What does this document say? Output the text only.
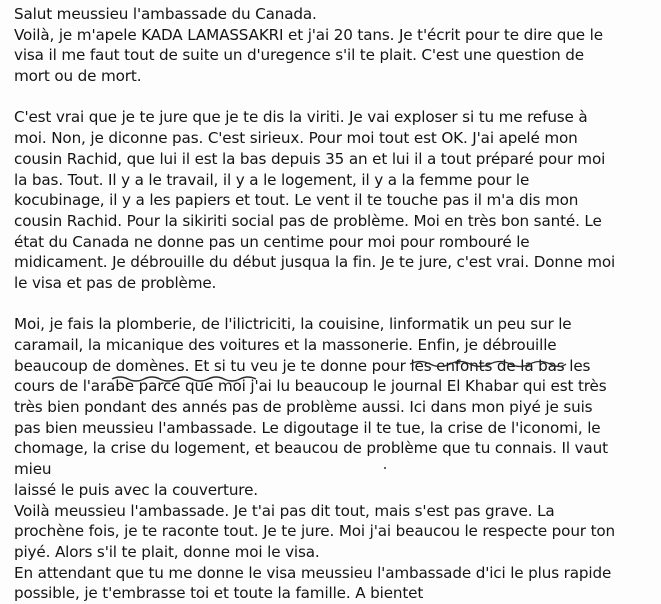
Salut meussieu l'ambassade du Canada.
Voilà, je m'apele KADA LAMASSAKRI et j'ai 20 tans. Je t'écrit pour te dire que le
visa il me faut tout de suite un d'uregence s'il te plait. C'est une question de
mort ou de mort.
C'est vrai que je te jure que je te dis la viriti. Je vai exploser si tu me refuse à
moi. Non, je diconne pas. C'est sirieux. Pour moi tout est OK. J'ai apelé mon
cousin Rachid, que lui il est la bas depuis 35 an et lui il a tout préparé pour moi
la bas. Tout. Il y a le travail, il y a le logement, il y a la femme pour le
kocubinage, il y a les papiers et tout. Le vent il te touche pas il m'a dis mon
cousin Rachid. Pour la sikiriti social pas de problème. Moi en très bon santé. Le
état du Canada ne donne pas un centime pour moi pour rombouré le
midicament. Je débrouille du début jusqua la fin. Je te jure, c'est vrai. Donne moi
le visa et pas de problème.
Moi, je fais la plomberie, de l'ilictriciti, la couisine, linformatik un peu sur le
caramail, la micanique des voitures et la massonerie. Enfin, je débrouille
beaucoup de domènes. Et si tu veu je te donne pour les enfonts de la bas les
cours de l'arabe parce que moi j'ai lu beaucoup le journal El Khabar qui est très
très bien pondant des annés pas de problème aussi. Ici dans mon piyé je suis
pas bien meussieu l'ambassade. Le digoutage il te tue, la crise de l'iconomi, le
chomage, la crise du logement, et beaucou de problème que tu connais. Il vaut
mieu
laissé le puis avec la couverture.
Voilà meussieu l'ambassade. Je t'ai pas dit tout, mais s'est pas grave. La
prochène fois, je te raconte tout. Je te jure. Moi j'ai beaucou le respecte pour ton
piyé. Alors s'il te plait, donne moi le visa.
En attendant que tu me donne le visa meussieu l'ambassade d'ici le plus rapide
possible, je t'embrasse toi et toute la famille. A bientet
